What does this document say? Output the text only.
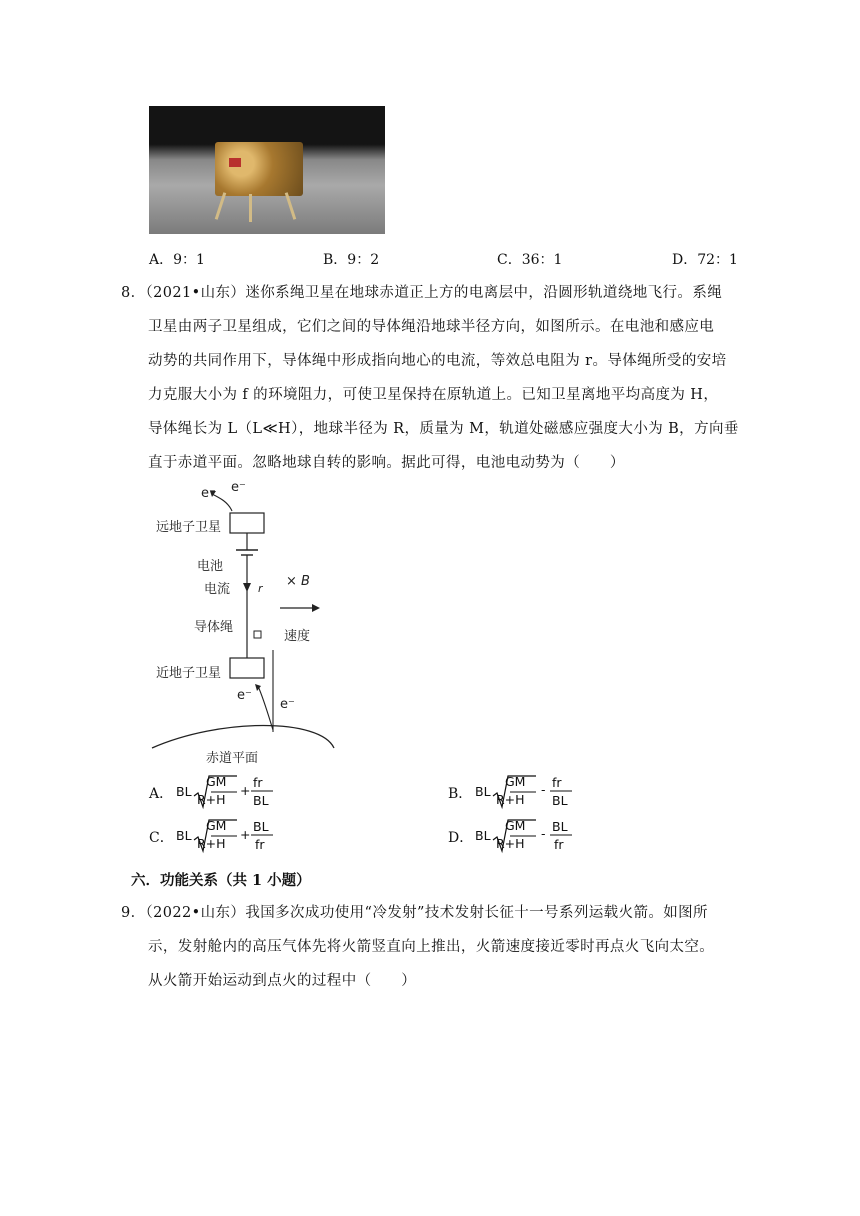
A．9：1	B．9：2	C．36：1	D．72：1
8．（2021•山东）迷你系绳卫星在地球赤道正上方的电离层中，沿圆形轨道绕地飞行。系绳
卫星由两子卫星组成，它们之间的导体绳沿地球半径方向，如图所示。在电池和感应电
动势的共同作用下，导体绳中形成指向地心的电流，等效总电阻为 r。导体绳所受的安培
力克服大小为 f 的环境阻力，可使卫星保持在原轨道上。已知卫星离地平均高度为 H，
导体绳长为 L（L≪H），地球半径为 R，质量为 M，轨道处磁感应强度大小为 B，方向垂
直于赤道平面。忽略地球自转的影响。据此可得，电池电动势为（　　）
e⁻ e⁻
远地子卫星
电池
电流	r × B
导体绳
速度
近地子卫星
e⁻
e⁻
赤道平面
A． BL
GM
R+H
+
fr
BL	B． BL
GM
R+H
- fr
BL
C． BL
GM
R+H
+
BL
fr	D． BL
GM
R+H
- BL
fr
六．功能关系（共 1 小题）
9．（2022•山东）我国多次成功使用“冷发射”技术发射长征十一号系列运载火箭。如图所
示，发射舱内的高压气体先将火箭竖直向上推出，火箭速度接近零时再点火飞向太空。
从火箭开始运动到点火的过程中（　　）
